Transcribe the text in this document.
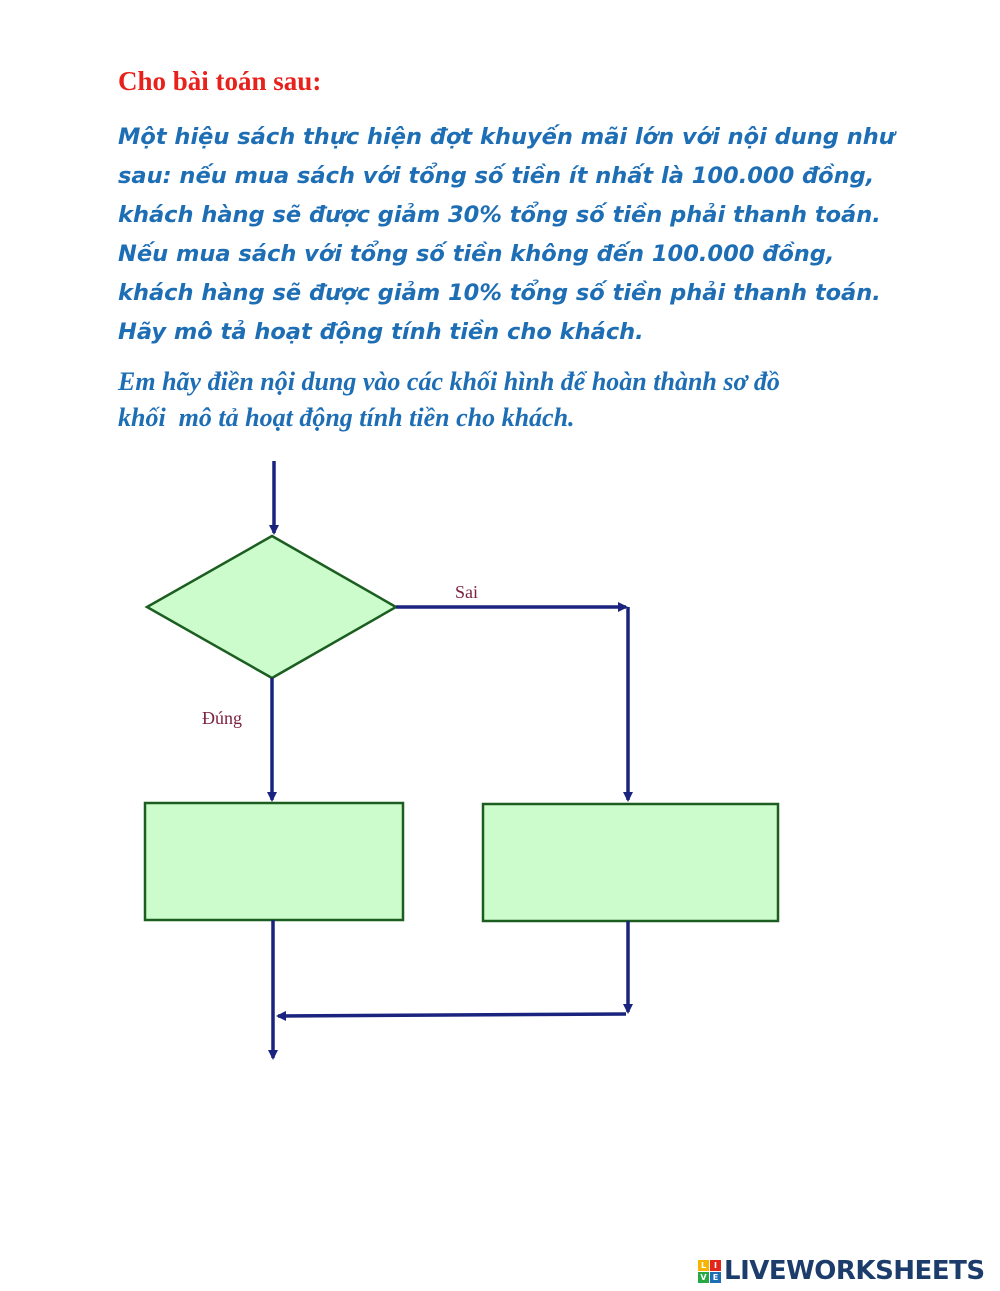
Cho bài toán sau:

Một hiệu sách thực hiện đợt khuyến mãi lớn với nội dung như
sau: nếu mua sách với tổng số tiền ít nhất là 100.000 đồng,
khách hàng sẽ được giảm 30% tổng số tiền phải thanh toán.
Nếu mua sách với tổng số tiền không đến 100.000 đồng,
khách hàng sẽ được giảm 10% tổng số tiền phải thanh toán.
Hãy mô tả hoạt động tính tiền cho khách.
Em hãy điền nội dung vào các khối hình để hoàn thành sơ đồ
khối  mô tả hoạt động tính tiền cho khách.
Sai
Đúng
L I
V E LIVEWORKSHEETS
